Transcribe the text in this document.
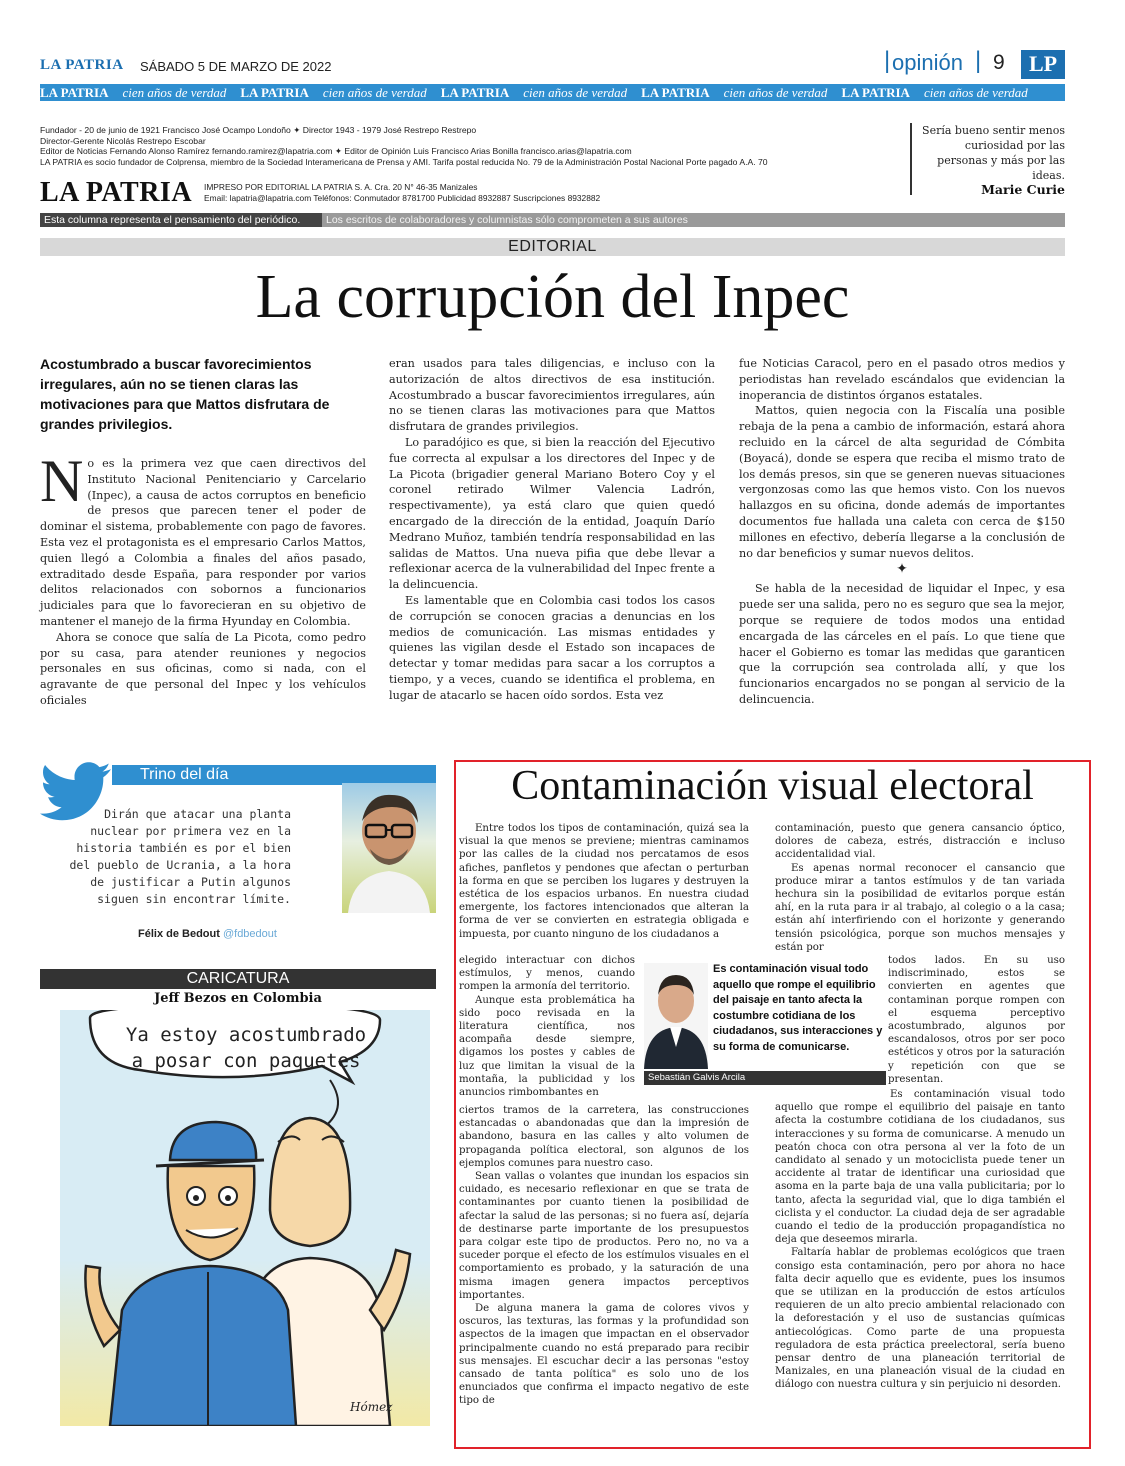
LA PATRIA SÁBADO 5 DE MARZO DE 2022	| opinión | 9	LP
LA PATRIA cien años de verdad LA PATRIA cien años de verdad LA PATRIA cien años de verdad LA PATRIA cien años de verdad LA PATRIA cien años de verdad
Fundador - 20 de junio de 1921 Francisco José Ocampo Londoño ✦ Director 1943 - 1979 José Restrepo Restrepo
Director-Gerente Nicolás Restrepo Escobar
Editor de Noticias Fernando Alonso Ramírez fernando.ramirez@lapatria.com ✦ Editor de Opinión Luis Francisco Arias Bonilla francisco.arias@lapatria.com
LA PATRIA es socio fundador de Colprensa, miembro de la Sociedad Interamericana de Prensa y AMI. Tarifa postal reducida No. 79 de la Administración Postal Nacional Porte pagado A.A. 70
LA PATRIA IMPRESO POR EDITORIAL LA PATRIA S. A. Cra. 20 N° 46-35 Manizales
Email: lapatria@lapatria.com Teléfonos: Conmutador 8781700 Publicidad 8932887 Suscripciones 8932882
Sería bueno sentir menos curiosidad por las personas y más por las ideas.
Marie Curie
Esta columna representa el pensamiento del periódico.	Los escritos de colaboradores y columnistas sólo comprometen a sus autores
EDITORIAL
La corrupción del Inpec
Acostumbrado a buscar favorecimientos irregulares, aún no se tienen claras las motivaciones para que Mattos disfrutara de grandes privilegios.

No es la primera vez que caen directivos del Instituto Nacional Penitenciario y Carcelario (Inpec), a causa de actos corruptos en beneficio de presos que parecen tener el poder de dominar el sistema, probablemente con pago de favores. Esta vez el protagonista es el empresario Carlos Mattos, quien llegó a Colombia a finales del años pasado, extraditado desde España, para responder por varios delitos relacionados con sobornos a funcionarios judiciales para que lo favorecieran en su objetivo de mantener el manejo de la firma Hyunday en Colombia.

Ahora se conoce que salía de La Picota, como pedro por su casa, para atender reuniones y negocios personales en sus oficinas, como si nada, con el agravante de que personal del Inpec y los vehículos oficiales

eran usados para tales diligencias, e incluso con la autorización de altos directivos de esa institución. Acostumbrado a buscar favorecimientos irregulares, aún no se tienen claras las motivaciones para que Mattos disfrutara de grandes privilegios.

Lo paradójico es que, si bien la reacción del Ejecutivo fue correcta al expulsar a los directores del Inpec y de La Picota (brigadier general Mariano Botero Coy y el coronel retirado Wilmer Valencia Ladrón, respectivamente), ya está claro que quien quedó encargado de la dirección de la entidad, Joaquín Darío Medrano Muñoz, también tendría responsabilidad en las salidas de Mattos. Una nueva pifia que debe llevar a reflexionar acerca de la vulnerabilidad del Inpec frente a la delincuencia.

Es lamentable que en Colombia casi todos los casos de corrupción se conocen gracias a denuncias en los medios de comunicación. Las mismas entidades y quienes las vigilan desde el Estado son incapaces de detectar y tomar medidas para sacar a los corruptos a tiempo, y a veces, cuando se identifica el problema, en lugar de atacarlo se hacen oído sordos. Esta vez

fue Noticias Caracol, pero en el pasado otros medios y periodistas han revelado escándalos que evidencian la inoperancia de distintos órganos estatales.

Mattos, quien negocia con la Fiscalía una posible rebaja de la pena a cambio de información, estará ahora recluido en la cárcel de alta seguridad de Cómbita (Boyacá), donde se espera que reciba el mismo trato de los demás presos, sin que se generen nuevas situaciones vergonzosas como las que hemos visto. Con los nuevos hallazgos en su oficina, donde además de importantes documentos fue hallada una caleta con cerca de $150 millones en efectivo, debería llegarse a la conclusión de no dar beneficios y sumar nuevos delitos.

✦

Se habla de la necesidad de liquidar el Inpec, y esa puede ser una salida, pero no es seguro que sea la mejor, porque se requiere de todos modos una entidad encargada de las cárceles en el país. Lo que tiene que hacer el Gobierno es tomar las medidas que garanticen que la corrupción sea controlada allí, y que los funcionarios encargados no se pongan al servicio de la delincuencia.

Trino del día
Dirán que atacar una planta nuclear por primera vez en la historia también es por el bien del pueblo de Ucrania, a la hora de justificar a Putin algunos siguen sin encontrar límite.
Félix de Bedout @fdbedout
CARICATURA
Jeff Bezos en Colombia
Ya estoy acostumbrado
a posar con paquetes
Hómez
Contaminación visual electoral

Entre todos los tipos de contaminación, quizá sea la visual la que menos se previene; mientras caminamos por las calles de la ciudad nos percatamos de esos afiches, panfletos y pendones que afectan o perturban la forma en que se perciben los lugares y destruyen la estética de los espacios urbanos. En nuestra ciudad emergente, los factores intencionados que alteran la forma de ver se convierten en estrategia obligada e impuesta, por cuanto ninguno de los ciudadanos a

elegido interactuar con dichos estímulos, y menos, cuando rompen la armonía del territorio.

Aunque esta problemática ha sido poco revisada en la literatura científica, nos acompaña desde siempre, digamos los postes y cables de luz que limitan la visual de la montaña, la publicidad y los anuncios rimbombantes en

ciertos tramos de la carretera, las construcciones estancadas o abandonadas que dan la impresión de abandono, basura en las calles y alto volumen de propaganda política electoral, son algunos de los ejemplos comunes para nuestro caso.

Sean vallas o volantes que inundan los espacios sin cuidado, es necesario reflexionar en que se trata de contaminantes por cuanto tienen la posibilidad de afectar la salud de las personas; si no fuera así, dejaría de destinarse parte importante de los presupuestos para colgar este tipo de productos. Pero no, no va a suceder porque el efecto de los estímulos visuales en el comportamiento es probado, y la saturación de una misma imagen genera impactos perceptivos importantes.

De alguna manera la gama de colores vivos y oscuros, las texturas, las formas y la profundidad son aspectos de la imagen que impactan en el observador principalmente cuando no está preparado para recibir sus mensajes. El escuchar decir a las personas "estoy cansado de tanta política" es solo uno de los enunciados que confirma el impacto negativo de este tipo de

contaminación, puesto que genera cansancio óptico, dolores de cabeza, estrés, distracción e incluso accidentalidad vial.

Es apenas normal reconocer el cansancio que produce mirar a tantos estímulos y de tan variada hechura sin la posibilidad de evitarlos porque están ahí, en la ruta para ir al trabajo, al colegio o a la casa; están ahí interfiriendo con el horizonte y generando tensión psicológica, porque son muchos mensajes y están por

todos lados. En su uso indiscriminado, estos se convierten en agentes que contaminan porque rompen con el esquema perceptivo acostumbrado, algunos por escandalosos, otros por ser poco estéticos y otros por la saturación y repetición con que se presentan.

Es contaminación visual todo aquello que rompe el equilibrio del paisaje en tanto afecta la costumbre cotidiana de los ciudadanos, sus interacciones y su forma de comunicarse. A menudo un peatón choca con otra persona al ver la foto de un candidato al senado y un motociclista puede tener un accidente al tratar de identificar una curiosidad que asoma en la parte baja de una valla publicitaria; por lo tanto, afecta la seguridad vial, que lo diga también el ciclista y el conductor. La ciudad deja de ser agradable cuando el tedio de la producción propagandística no deja que deseemos mirarla.

Faltaría hablar de problemas ecológicos que traen consigo esta contaminación, pero por ahora no hace falta decir aquello que es evidente, pues los insumos que se utilizan en la producción de estos artículos requieren de un alto precio ambiental relacionado con la deforestación y el uso de sustancias químicas antiecológicas. Como parte de una propuesta reguladora de esta práctica preelectoral, sería bueno pensar dentro de una planeación territorial de Manizales, en una planeación visual de la ciudad en diálogo con nuestra cultura y sin perjuicio ni desorden.

Es contaminación visual todo aquello que rompe el equilibrio del paisaje en tanto afecta la costumbre cotidiana de los ciudadanos, sus interacciones y su forma de comunicarse.
Sebastián Galvis Arcila
